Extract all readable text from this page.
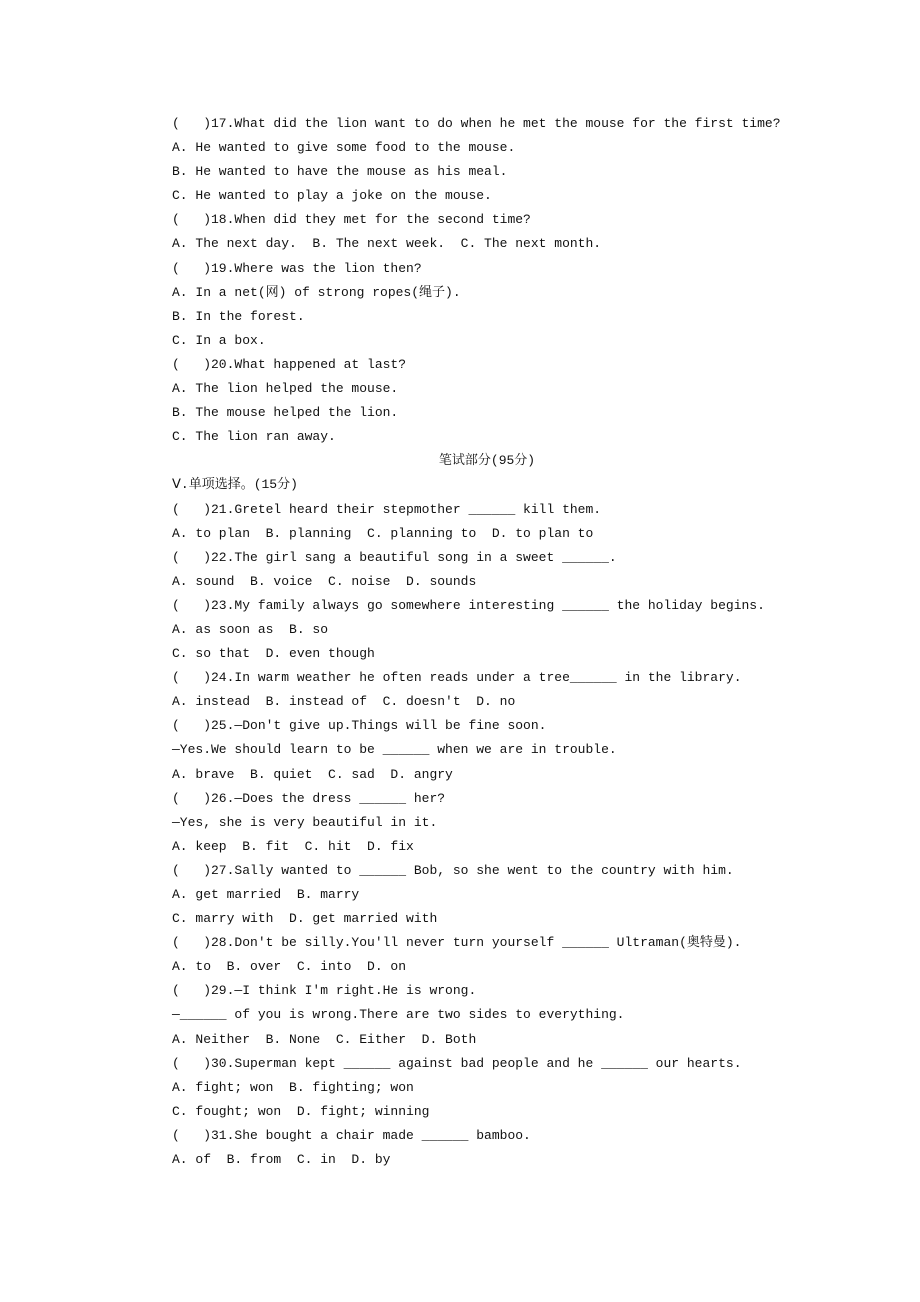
(   )17.What did the lion want to do when he met the mouse for the first time?
A. He wanted to give some food to the mouse.
B. He wanted to have the mouse as his meal.
C. He wanted to play a joke on the mouse.
(   )18.When did they met for the second time?
A. The next day.  B. The next week.  C. The next month.
(   )19.Where was the lion then?
A. In a net(网) of strong ropes(绳子).
B. In the forest.
C. In a box.
(   )20.What happened at last?
A. The lion helped the mouse.
B. The mouse helped the lion.
C. The lion ran away.
笔试部分(95分)
Ⅴ.单项选择。(15分)
(   )21.Gretel heard their stepmother ______ kill them.
A. to plan  B. planning  C. planning to  D. to plan to
(   )22.The girl sang a beautiful song in a sweet ______.
A. sound  B. voice  C. noise  D. sounds
(   )23.My family always go somewhere interesting ______ the holiday begins.
A. as soon as  B. so
C. so that  D. even though
(   )24.In warm weather he often reads under a tree______ in the library.
A. instead  B. instead of  C. doesn't  D. no
(   )25.—Don't give up.Things will be fine soon.
—Yes.We should learn to be ______ when we are in trouble.
A. brave  B. quiet  C. sad  D. angry
(   )26.—Does the dress ______ her?
—Yes, she is very beautiful in it.
A. keep  B. fit  C. hit  D. fix
(   )27.Sally wanted to ______ Bob, so she went to the country with him.
A. get married  B. marry
C. marry with  D. get married with
(   )28.Don't be silly.You'll never turn yourself ______ Ultraman(奥特曼).
A. to  B. over  C. into  D. on
(   )29.—I think I'm right.He is wrong.
—______ of you is wrong.There are two sides to everything.
A. Neither  B. None  C. Either  D. Both
(   )30.Superman kept ______ against bad people and he ______ our hearts.
A. fight; won  B. fighting; won
C. fought; won  D. fight; winning
(   )31.She bought a chair made ______ bamboo.
A. of  B. from  C. in  D. by
